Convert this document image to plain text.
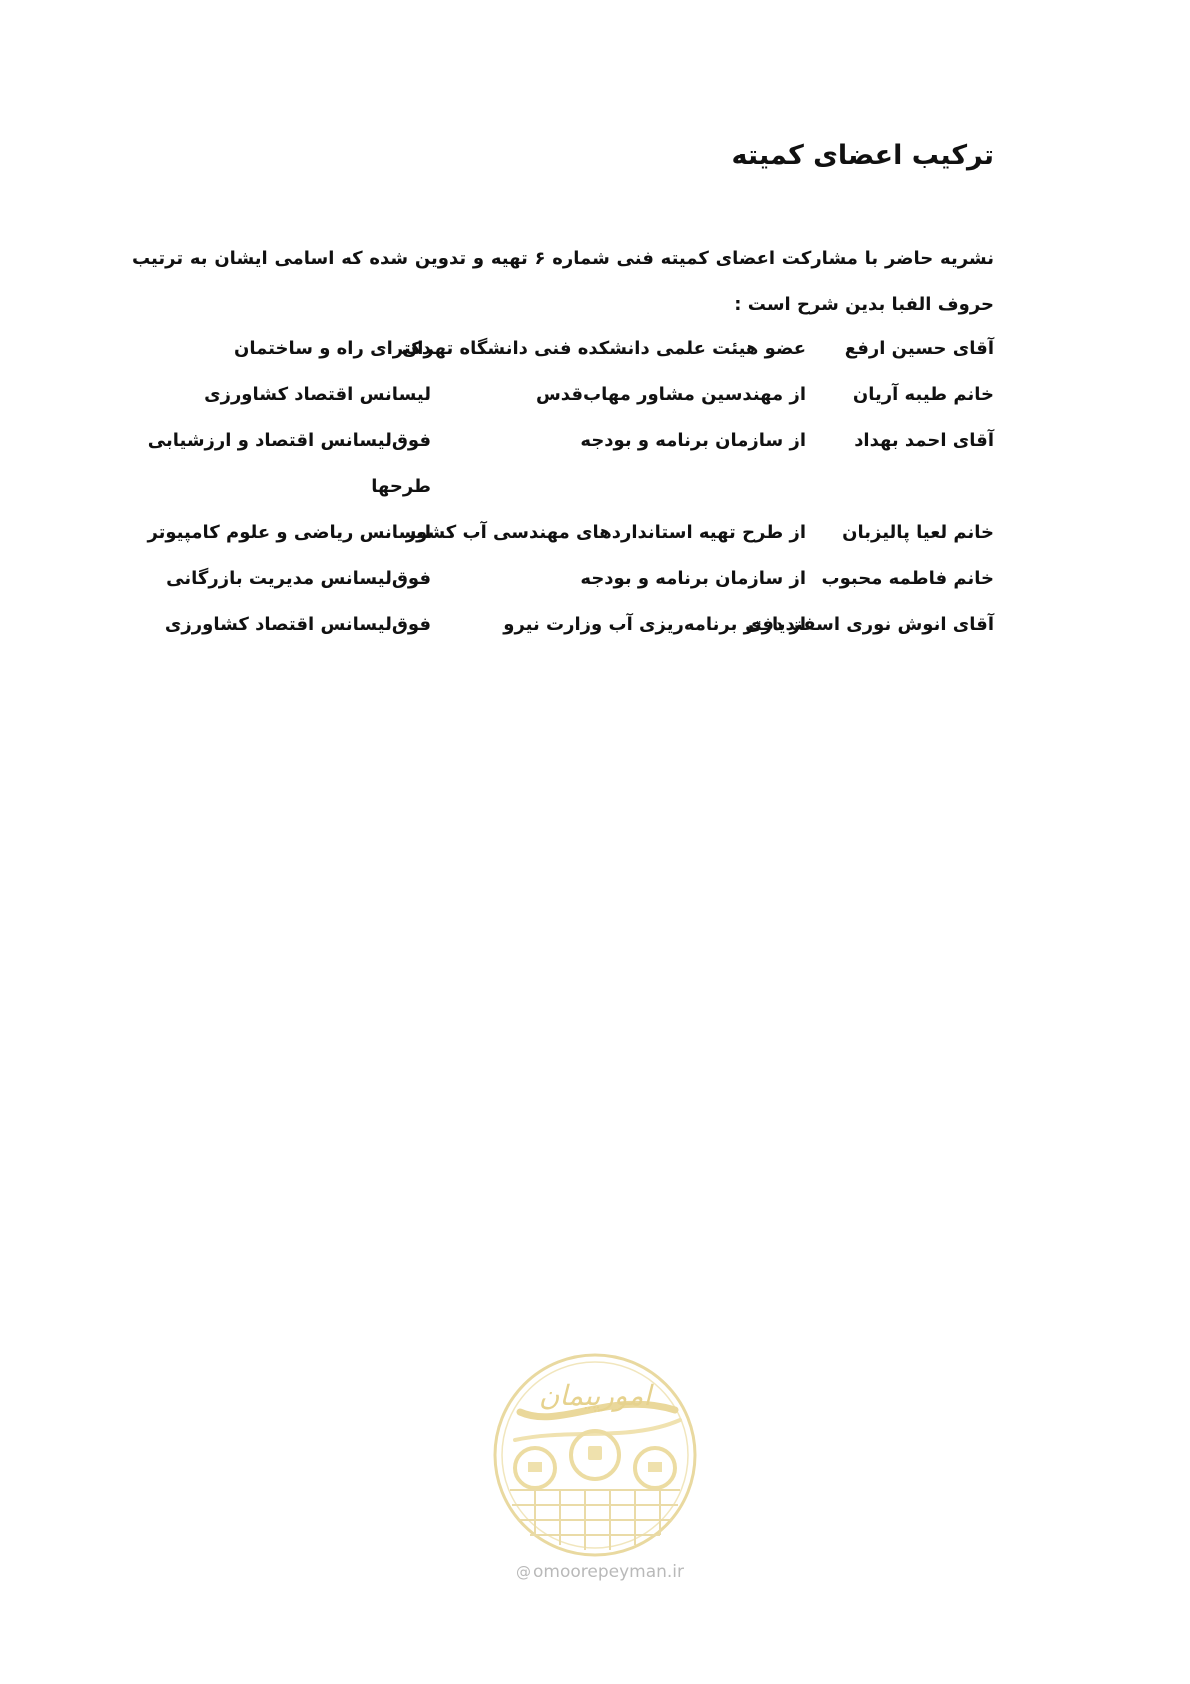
ترکیب اعضای کمیته
نشریه حاضر با مشارکت اعضای کمیته فنی شماره ۶ تهیه و تدوین شده که اسامی ایشان به ترتیب حروف الفبا بدین شرح است :
آقای حسین ارفع
عضو هیئت علمی دانشکده فنی دانشگاه تهران
دکترای راه و ساختمان
خانم طیبه آریان
از مهندسین مشاور مهاب‌قدس
لیسانس اقتصاد کشاورزی
آقای احمد بهداد
از سازمان برنامه و بودجه
فوق‌لیسانس اقتصاد و ارزشیابی طرحها
خانم لعیا پالیزبان
از طرح تهیه استانداردهای مهندسی آب کشور
لیسانس ریاضی و علوم کامپیوتر
خانم فاطمه محبوب
از سازمان برنامه و بودجه
فوق‌لیسانس مدیریت بازرگانی
آقای انوش نوری اسفندیاری
از دفتر برنامه‌ریزی آب وزارت نیرو
فوق‌لیسانس اقتصاد کشاورزی
امورپیمان
@ omoorepeyman.ir
